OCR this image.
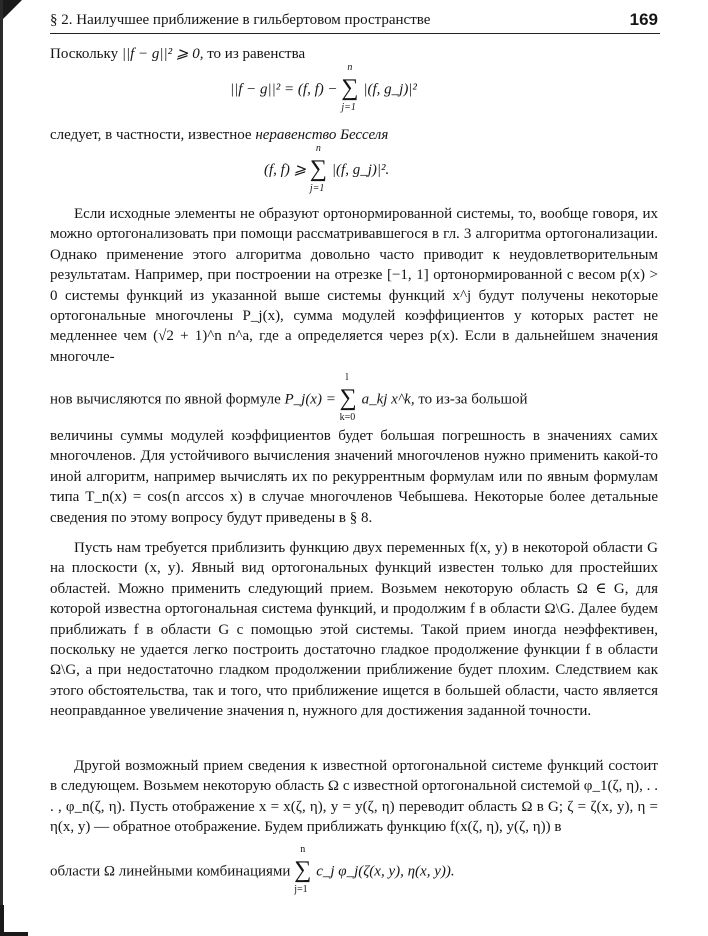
§ 2. Наилучшее приближение в гильбертовом пространстве	169
Поскольку ||f − g||² ⩾ 0, то из равенства
||f − g||² = (f, f) − ∑
n
j=1
|(f, g_j)|²
следует, в частности, известное неравенство Бесселя
(f, f) ⩾ ∑
n
j=1
|(f, g_j)|².
Если исходные элементы не образуют ортонормированной системы, то, вообще говоря, их можно ортогонализовать при помощи рассматривавшегося в гл. 3 алгоритма ортогонализации. Однако применение этого алгоритма довольно часто приводит к неудовлетворительным результатам. Например, при построении на отрезке [−1, 1] ортонормированной с весом p(x) > 0 системы функций из указанной выше системы функций x^j будут получены некоторые ортогональные многочлены P_j(x), сумма модулей коэффициентов у которых растет не медленнее чем (√2 + 1)^n n^a, где a определяется через p(x). Если в дальнейшем значения многочле-
нов вычисляются по явной формуле P_j(x) = ∑
l
k=0
a_kj x^k, то из-за большой
величины суммы модулей коэффициентов будет большая погрешность в значениях самих многочленов. Для устойчивого вычисления значений многочленов нужно применить какой-то иной алгоритм, например вычислять их по рекуррентным формулам или по явным формулам типа T_n(x) = cos(n arccos x) в случае многочленов Чебышева. Некоторые более детальные сведения по этому вопросу будут приведены в § 8.
Пусть нам требуется приблизить функцию двух переменных f(x, y) в некоторой области G на плоскости (x, y). Явный вид ортогональных функций известен только для простейших областей. Можно применить следующий прием. Возьмем некоторую область Ω ∈ G, для которой известна ортогональная система функций, и продолжим f в области Ω\G. Далее будем приближать f в области G с помощью этой системы. Такой прием иногда неэффективен, поскольку не удается легко построить достаточно гладкое продолжение функции f в области Ω\G, а при недостаточно гладком продолжении приближение будет плохим. Следствием как этого обстоятельства, так и того, что приближение ищется в большей области, часто является неоправданное увеличение значения n, нужного для достижения заданной точности.
Другой возможный прием сведения к известной ортогональной системе функций состоит в следующем. Возьмем некоторую область Ω с известной ортогональной системой φ_1(ζ, η), . . . , φ_n(ζ, η). Пусть отображение x = x(ζ, η), y = y(ζ, η) переводит область Ω в G; ζ = ζ(x, y), η = η(x, y) — обратное отображение. Будем приближать функцию f(x(ζ, η), y(ζ, η)) в
области Ω линейными комбинациями ∑
n
j=1
c_j φ_j(ζ(x, y), η(x, y)).
